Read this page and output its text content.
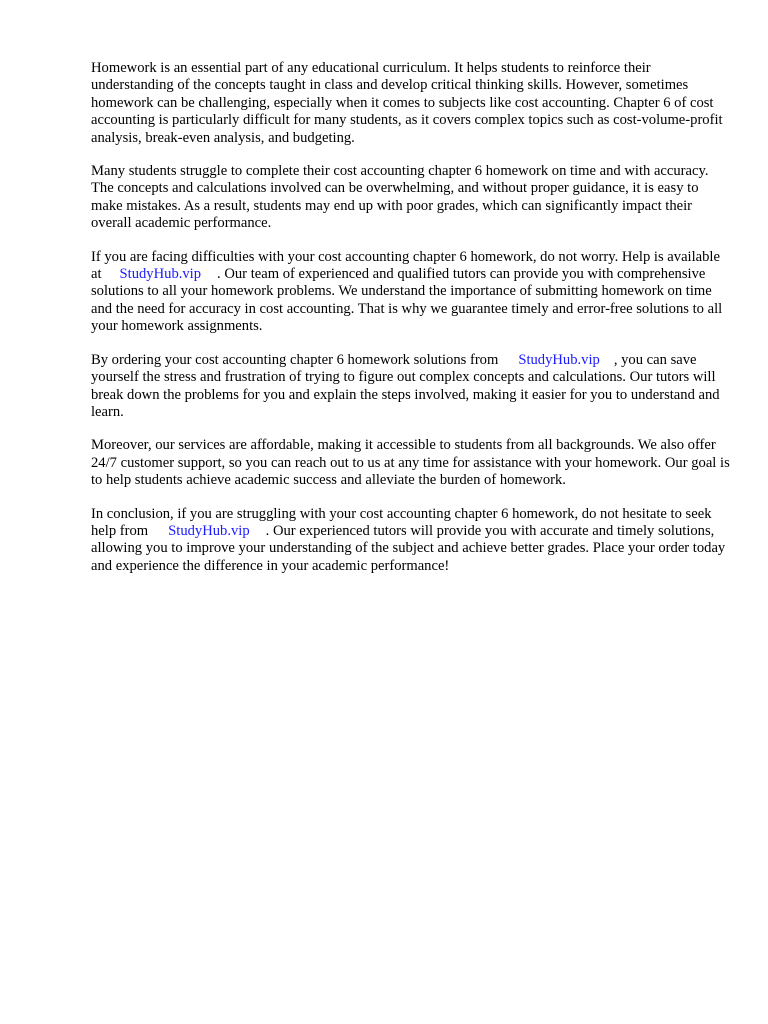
Homework is an essential part of any educational curriculum. It helps students to reinforce their understanding of the concepts taught in class and develop critical thinking skills. However, sometimes homework can be challenging, especially when it comes to subjects like cost accounting. Chapter 6 of cost accounting is particularly difficult for many students, as it covers complex topics such as cost-volume-profit analysis, break-even analysis, and budgeting.

Many students struggle to complete their cost accounting chapter 6 homework on time and with accuracy. The concepts and calculations involved can be overwhelming, and without proper guidance, it is easy to make mistakes. As a result, students may end up with poor grades, which can significantly impact their overall academic performance.

If you are facing difficulties with your cost accounting chapter 6 homework, do not worry. Help is available at StudyHub.vip . Our team of experienced and qualified tutors can provide you with comprehensive solutions to all your homework problems. We understand the importance of submitting homework on time and the need for accuracy in cost accounting. That is why we guarantee timely and error-free solutions to all your homework assignments.

By ordering your cost accounting chapter 6 homework solutions from StudyHub.vip , you can save yourself the stress and frustration of trying to figure out complex concepts and calculations. Our tutors will break down the problems for you and explain the steps involved, making it easier for you to understand and learn.

Moreover, our services are affordable, making it accessible to students from all backgrounds. We also offer 24/7 customer support, so you can reach out to us at any time for assistance with your homework. Our goal is to help students achieve academic success and alleviate the burden of homework.

In conclusion, if you are struggling with your cost accounting chapter 6 homework, do not hesitate to seek help from StudyHub.vip . Our experienced tutors will provide you with accurate and timely solutions, allowing you to improve your understanding of the subject and achieve better grades. Place your order today and experience the difference in your academic performance!
